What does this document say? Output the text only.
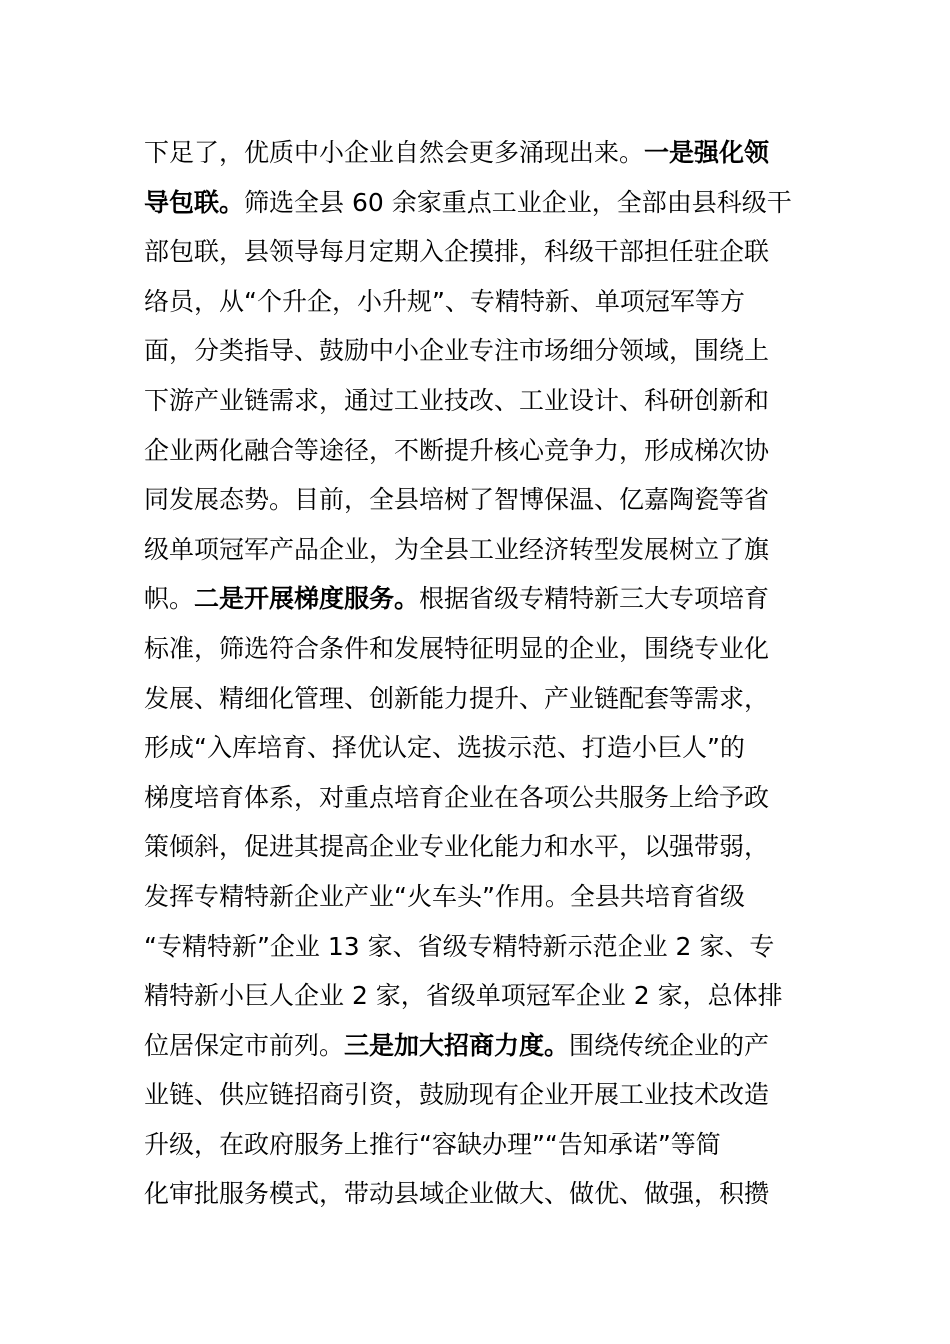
下足了，优质中小企业自然会更多涌现出来。一是强化领
导包联。筛选全县 60 余家重点工业企业，全部由县科级干
部包联，县领导每月定期入企摸排，科级干部担任驻企联
络员，从“个升企，小升规”、专精特新、单项冠军等方
面，分类指导、鼓励中小企业专注市场细分领域，围绕上
下游产业链需求，通过工业技改、工业设计、科研创新和
企业两化融合等途径，不断提升核心竞争力，形成梯次协
同发展态势。目前，全县培树了智博保温、亿嘉陶瓷等省
级单项冠军产品企业，为全县工业经济转型发展树立了旗
帜。二是开展梯度服务。根据省级专精特新三大专项培育
标准，筛选符合条件和发展特征明显的企业，围绕专业化
发展、精细化管理、创新能力提升、产业链配套等需求，
形成“入库培育、择优认定、选拔示范、打造小巨人”的
梯度培育体系，对重点培育企业在各项公共服务上给予政
策倾斜，促进其提高企业专业化能力和水平，以强带弱，
发挥专精特新企业产业“火车头”作用。全县共培育省级
“专精特新”企业 13 家、省级专精特新示范企业 2 家、专
精特新小巨人企业 2 家，省级单项冠军企业 2 家，总体排
位居保定市前列。三是加大招商力度。围绕传统企业的产
业链、供应链招商引资，鼓励现有企业开展工业技术改造
升级，在政府服务上推行“容缺办理”“告知承诺”等简
化审批服务模式，带动县域企业做大、做优、做强，积攒
